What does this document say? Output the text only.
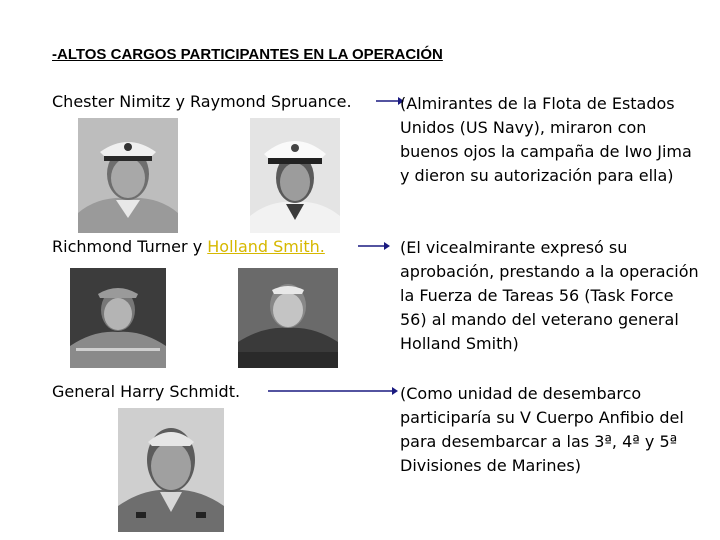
-ALTOS CARGOS PARTICIPANTES EN LA OPERACIÓN
Chester Nimitz y Raymond Spruance.	(Almirantes de la Flota de Estados Unidos (US Navy), miraron con buenos ojos la campaña de Iwo Jima y dieron su autorización para ella)
Richmond Turner y Holland Smith.	(El vicealmirante expresó su aprobación, prestando a la operación la Fuerza de Tareas 56 (Task Force 56) al mando del veterano general Holland Smith)
General Harry Schmidt.	(Como unidad de desembarco participaría su V Cuerpo Anfibio del para desembarcar a las 3ª, 4ª y 5ª Divisiones de Marines)
